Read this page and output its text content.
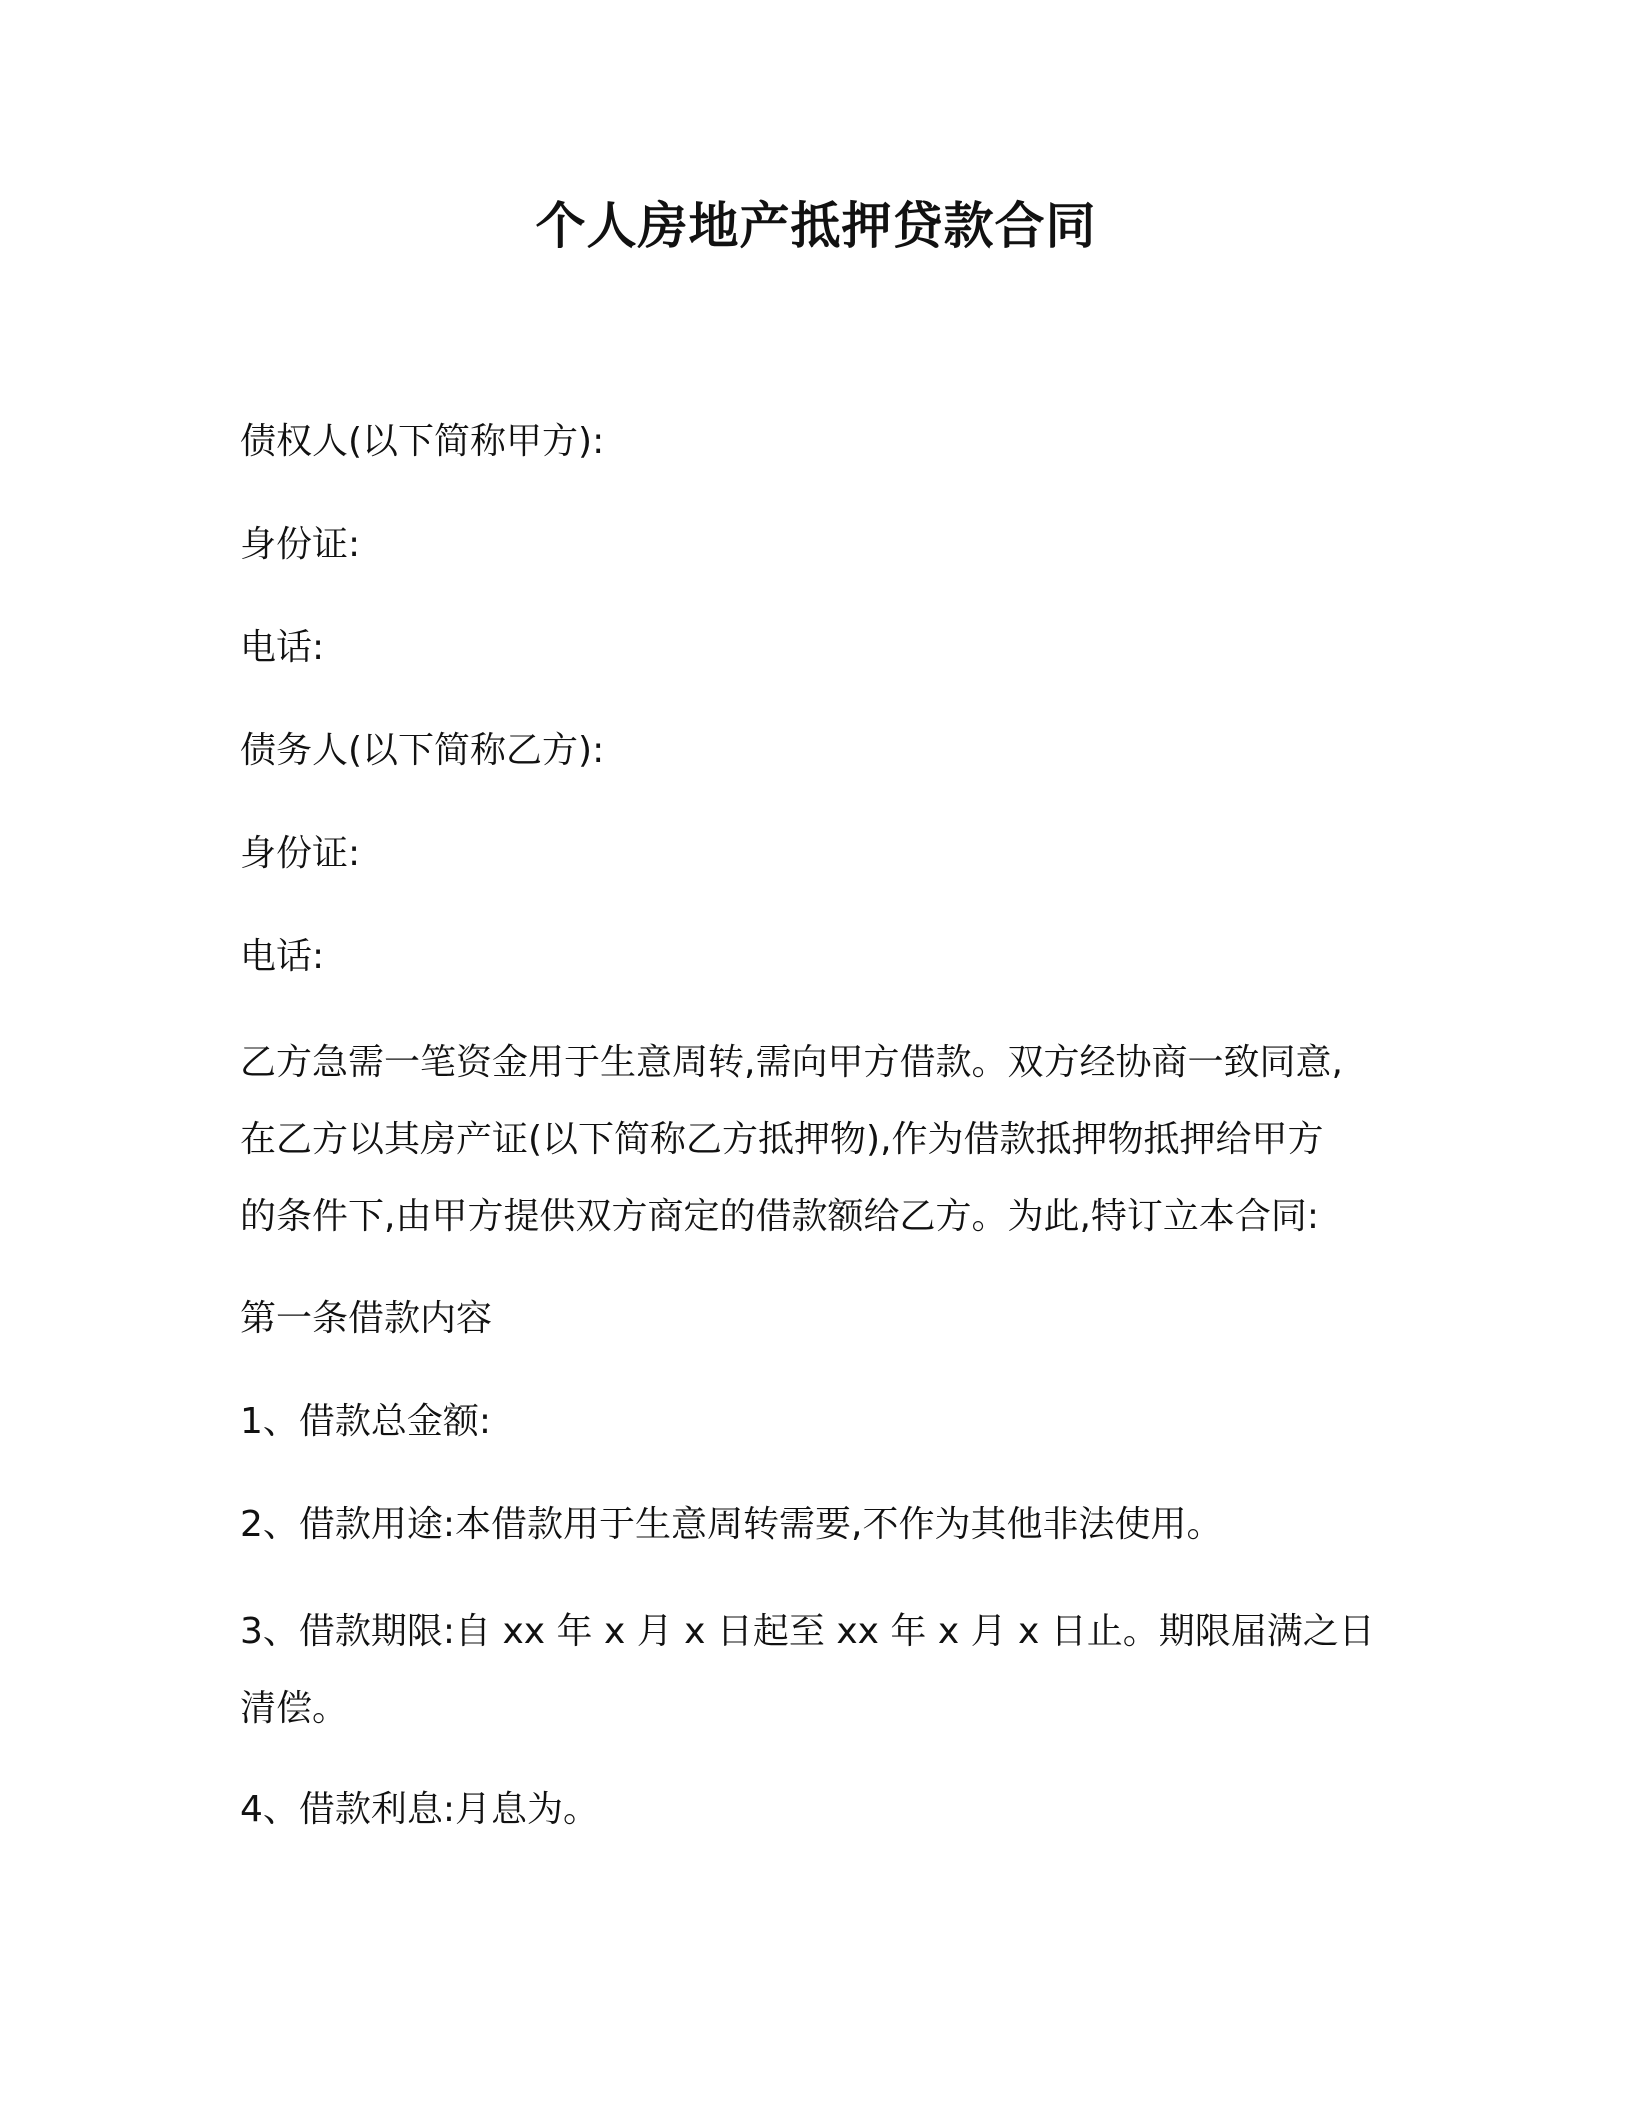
个人房地产抵押贷款合同
债权人(以下简称甲方):
身份证:
电话:
债务人(以下简称乙方):
身份证:
电话:
乙方急需一笔资金用于生意周转,需向甲方借款。双方经协商一致同意,
在乙方以其房产证(以下简称乙方抵押物),作为借款抵押物抵押给甲方
的条件下,由甲方提供双方商定的借款额给乙方。为此,特订立本合同:
第一条借款内容
1、借款总金额:
2、借款用途:本借款用于生意周转需要,不作为其他非法使用。
3、借款期限:自 xx 年 x 月 x 日起至 xx 年 x 月 x 日止。期限届满之日
清偿。
4、借款利息:月息为。
